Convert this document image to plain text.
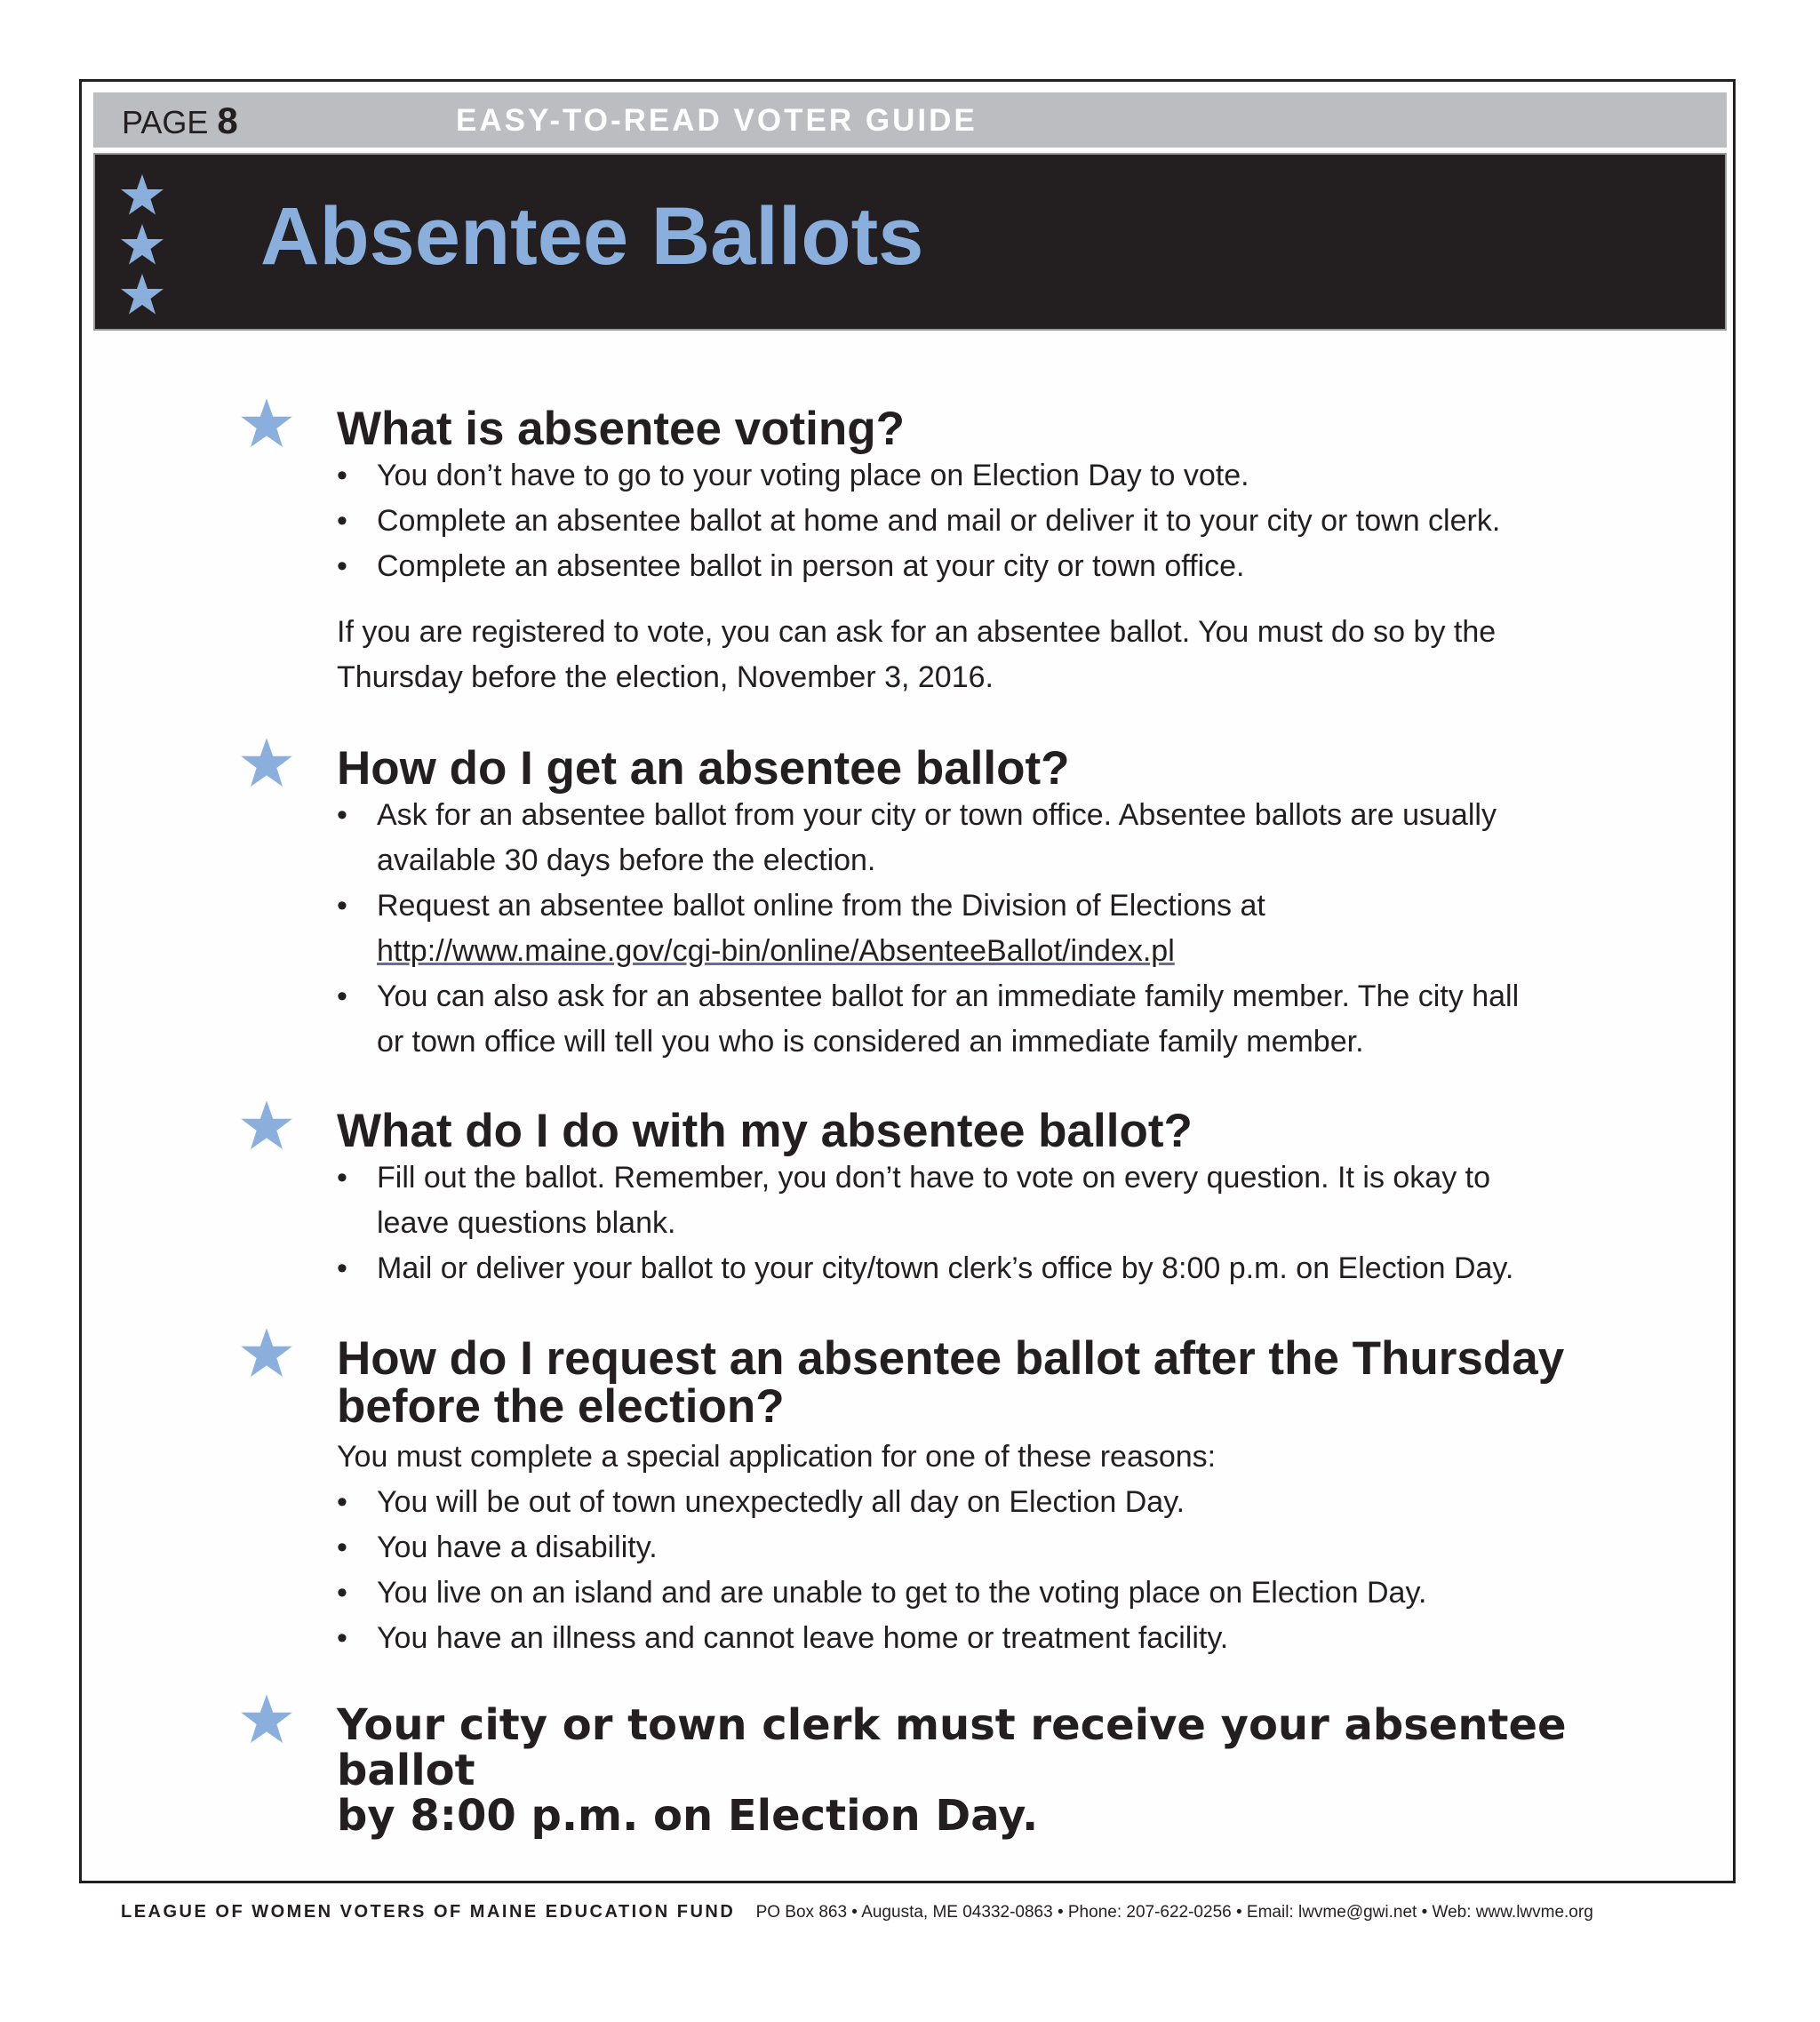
PAGE 8	EASY-TO-READ VOTER GUIDE
Absentee Ballots
What is absentee voting?
• You don’t have to go to your voting place on Election Day to vote.
• Complete an absentee ballot at home and mail or deliver it to your city or town clerk.
• Complete an absentee ballot in person at your city or town office.

If you are registered to vote, you can ask for an absentee ballot. You must do so by the
Thursday before the election, November 3, 2016.

How do I get an absentee ballot?
• Ask for an absentee ballot from your city or town office. Absentee ballots are usually
available 30 days before the election.
• Request an absentee ballot online from the Division of Elections at
http://www.maine.gov/cgi-bin/online/AbsenteeBallot/index.pl
• You can also ask for an absentee ballot for an immediate family member. The city hall
or town office will tell you who is considered an immediate family member.
What do I do with my absentee ballot?
• Fill out the ballot. Remember, you don’t have to vote on every question. It is okay to
leave questions blank.
• Mail or deliver your ballot to your city/town clerk’s office by 8:00 p.m. on Election Day.
How do I request an absentee ballot after the Thursday
before the election?

You must complete a special application for one of these reasons:

• You will be out of town unexpectedly all day on Election Day.
• You have a disability.
• You live on an island and are unable to get to the voting place on Election Day.
• You have an illness and cannot leave home or treatment facility.
Your city or town clerk must receive your absentee ballot
by 8:00 p.m. on Election Day.
LEAGUE OF WOMEN VOTERS OF MAINE EDUCATION FUND PO Box 863 • Augusta, ME 04332-0863 • Phone: 207-622-0256 • Email: lwvme@gwi.net • Web: www.lwvme.org
